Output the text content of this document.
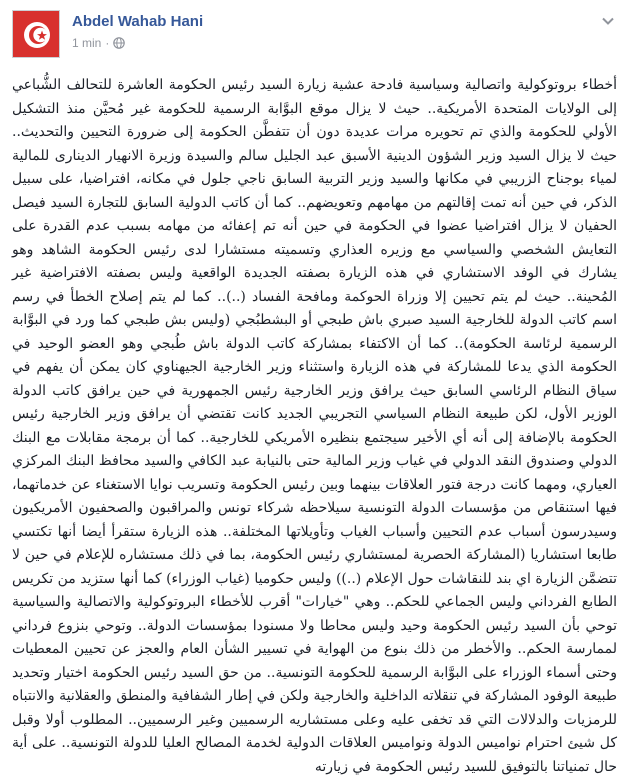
Abdel Wahab Hani
1 min ·
أخطاء بروتوكولية واتصالية وسياسية فادحة عشية زيارة السيد رئيس الحكومة العاشرة للتحالف الشُّباعي إلى الولايات المتحدة الأمريكية.. حيث لا يزال موقع البوَّابة الرسمية للحكومة غير مُحيَّن منذ التشكيل الأولي للحكومة والذي تم تحويره مرات عديدة دون أن تتفطَّن الحكومة إلى ضرورة التحيين والتحديث.. حيث لا يزال السيد وزير الشؤون الدينية الأسبق عبد الجليل سالم والسيدة وزيرة الانهيار الدينارى للمالية لمياء بوجناح الزريبي في مكانها والسيد وزير التربية السابق ناجي جلول في مكانه، افتراضيا، على سبيل الذكر، في حين أنه تمت إقالتهم من مهامهم وتعويضهم.. كما أن كاتب الدولية السابق للتجارة السيد فيصل الحفيان لا يزال افتراضيا عضوا في الحكومة في حين أنه تم إعفائه من مهامه بسبب عدم القدرة على التعايش الشخصي والسياسي مع وزيره العذاري وتسميته مستشارا لدى رئيس الحكومة الشاهد وهو يشارك في الوفد الاستشاري في هذه الزيارة بصفته الجديدة الواقعية وليس بصفته الافتراضية غير المُحينة.. حيث لم يتم تحيين إلا وزراة الحوكمة ومافحة الفساد (..).. كما لم يتم إصلاح الخطأ في رسم اسم كاتب الدولة للخارجية السيد صبري باش طبجي أو البشطبُجي (وليس بش طبجي كما ورد في البوَّابة الرسمية لرئاسة الحكومة).. كما أن الاكتفاء بمشاركة كاتب الدولة باش طُبجي وهو العضو الوحيد في الحكومة الذي يدعا للمشاركة في هذه الزيارة واستثناء وزير الخارجية الجيهناوي كان يمكن أن يفهم في سياق النظام الرئاسي السابق حيث يرافق وزير الخارجية رئيس الجمهورية في حين يرافق كاتب الدولة الوزير الأول، لكن طبيعة النظام السياسي التجريبي الجديد كانت تقتضي أن يرافق وزير الخارجية رئيس الحكومة بالإضافة إلى أنه أي الأخير سيجتمع بنظيره الأمريكي للخارجية.. كما أن برمجة مقابلات مع البنك الدولي وصندوق النقد الدولي في غياب وزير المالية حتى بالنيابة عبد الكافي والسيد محافظ البنك المركزي العياري، ومهما كانت درجة فتور العلاقات بينهما وبين رئيس الحكومة وتسريب نوايا الاستغناء عن خدماتهما، فيها استنقاص من مؤسسات الدولة التونسية سيلاحظه شركاء تونس والمراقبون والصحفيون الأمريكيون وسيدرسون أسباب عدم التحيين وأسباب الغياب وتأويلاتها المختلفة.. هذه الزيارة ستقرأ أيضا أنها تكتسي طابعا استشاريا (المشاركة الحصرية لمستشاري رئيس الحكومة، بما في ذلك مستشاره للإعلام في حين لا تتضمَّن الزيارة اي بند للنقاشات حول الإعلام (..)) وليس حكوميا (غياب الوزراء) كما أنها ستزيد من تكريس الطابع الفرداني وليس الجماعي للحكم.. وهي "خيارات" أقرب للأخطاء البروتوكولية والاتصالية والسياسية توحي بأن السيد رئيس الحكومة وحيد وليس محاطا ولا مسنودا بمؤسسات الدولة.. وتوحي بنزوع فرداني لممارسة الحكم.. والأخطر من ذلك بنوع من الهواية في تسيير الشأن العام والعجز عن تحيين المعطيات وحتى أسماء الوزراء على البوَّابة الرسمية للحكومة التونسية.. من حق السيد رئيس الحكومة اختيار وتحديد طبيعة الوفود المشاركة في تنقلاته الداخلية والخارجية ولكن في إطار الشفافية والمنطق والعقلانية والانتباه للرمزيات والدلالات التي قد تخفى عليه وعلى مستشاريه الرسميين وغير الرسميين.. المطلوب أولا وقبل كل شيئ احترام نواميس الدولة ونواميس العلاقات الدولية لخدمة المصالح العليا للدولة التونسية.. على أية حال تمنياتنا بالتوفيق للسيد رئيس الحكومة في زيارته
